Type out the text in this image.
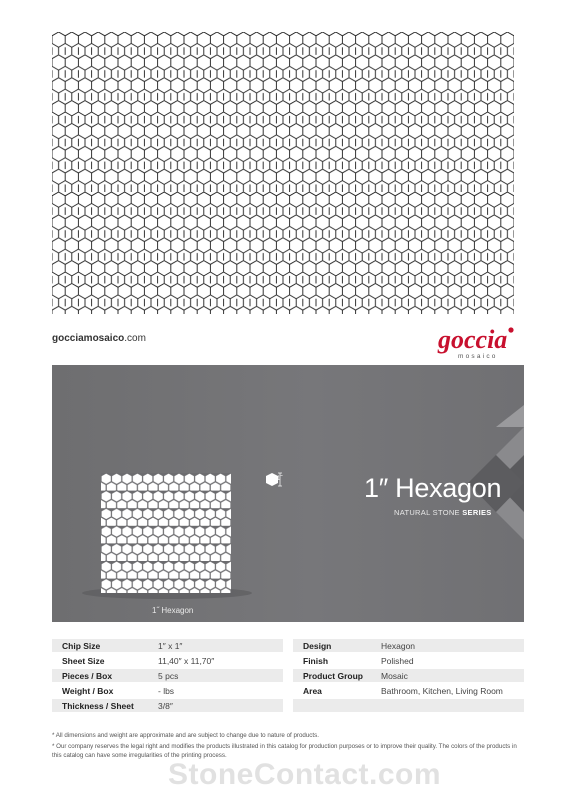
gocciamosaico.com	goccia
mosaico
1˝	1″ Hexagon
NATURAL STONE SERIES
1˝ Hexagon
Chip Size	1″ x 1″		Design	Hexagon
Sheet Size	11,40″ x 11,70″		Finish	Polished
Pieces / Box	5 pcs		Product Group	Mosaic
Weight / Box	- lbs		Area	Bathroom, Kitchen, Living Room
Thickness / Sheet	3/8″			

* All dimensions and weight are approximate and are subject to change due to nature of products.

* Our company reserves the legal right and modifies the products illustrated in this catalog for production purposes or to improve their quality. The colors of the products in this catalog can have some irregularities of the printing process.

StoneContact.com
